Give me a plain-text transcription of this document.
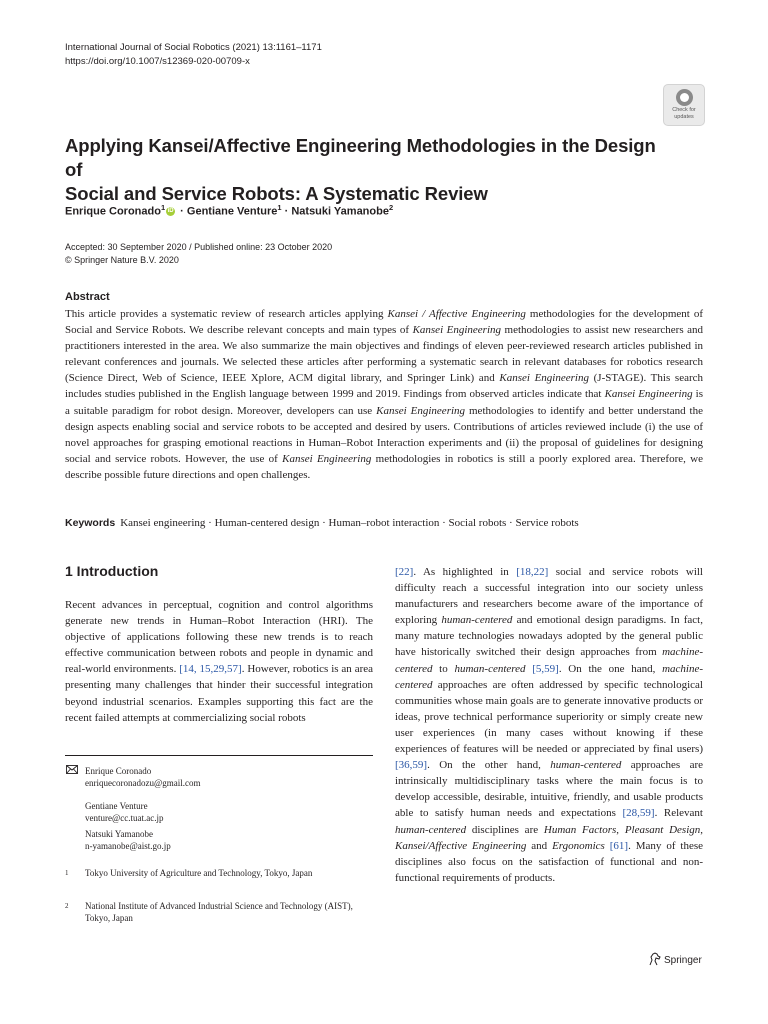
International Journal of Social Robotics (2021) 13:1161–1171
https://doi.org/10.1007/s12369-020-00709-x
Check for
updates
Applying Kansei/Affective Engineering Methodologies in the Design of
Social and Service Robots: A Systematic Review
Enrique Coronado$^1$ iD · Gentiane Venture$^1$ · Natsuki Yamanobe$^2$
Accepted: 30 September 2020 / Published online: 23 October 2020
© Springer Nature B.V. 2020
Abstract
This article provides a systematic review of research articles applying Kansei / Affective Engineering methodologies for the development of Social and Service Robots. We describe relevant concepts and main types of Kansei Engineering methodologies to assist new researchers and practitioners interested in the area. We also summarize the main objectives and findings of eleven peer-reviewed research articles published in relevant conferences and journals. We selected these articles after performing a systematic search in relevant databases for robotics research (Science Direct, Web of Science, IEEE Xplore, ACM digital library, and Springer Link) and Kansei Engineering (J-STAGE). This search includes studies published in the English language between 1999 and 2019. Findings from observed articles indicate that Kansei Engineering is a suitable paradigm for robot design. Moreover, developers can use Kansei Engineering methodologies to identify and better understand the design aspects enabling social and service robots to be accepted and desired by users. Contributions of articles reviewed include (i) the use of novel approaches for grasping emotional reactions in Human–Robot Interaction experiments and (ii) the proposal of guidelines for designing social and service robots. However, the use of Kansei Engineering methodologies in robotics is still a poorly explored area. Therefore, we describe possible future directions and open challenges.
Keywords Kansei engineering · Human-centered design · Human–robot interaction · Social robots · Service robots
1 Introduction
Recent advances in perceptual, cognition and control algorithms generate new trends in Human–Robot Interaction (HRI). The objective of applications following these new trends is to reach effective communication between robots and people in dynamic and real-world environments. [14, 15,29,57]. However, robotics is an area presenting many challenges that hinder their successful integration beyond industrial scenarios. Examples supporting this fact are the recent failed attempts at commercializing social robots
[22]. As highlighted in [18,22] social and service robots will difficulty reach a successful integration into our society unless manufacturers and researchers become aware of the importance of exploring human-centered and emotional design paradigms. In fact, many mature technologies nowadays adopted by the general public have historically switched their design approaches from machine-centered to human-centered [5,59]. On the one hand, machine-centered approaches are often addressed by specific technological communities whose main goals are to generate innovative products or ideas, prove technical performance superiority or simply create new user experiences (in many cases without knowing if these experiences of features will be needed or appreciated by final users) [36,59]. On the other hand, human-centered approaches are intrinsically multidisciplinary tasks where the main focus is to develop accessible, desirable, intuitive, friendly, and usable products able to satisfy human needs and expectations [28,59]. Relevant human-centered disciplines are Human Factors, Pleasant Design, Kansei/Affective Engineering and Ergonomics [61]. Many of these disciplines also focus on the satisfaction of functional and non-functional requirements of products.
Enrique Coronado
enriquecoronadozu@gmail.com
Gentiane Venture
venture@cc.tuat.ac.jp
Natsuki Yamanobe
n-yamanobe@aist.go.jp
1 Tokyo University of Agriculture and Technology, Tokyo, Japan
2 National Institute of Advanced Industrial Science and Technology (AIST), Tokyo, Japan
Springer
